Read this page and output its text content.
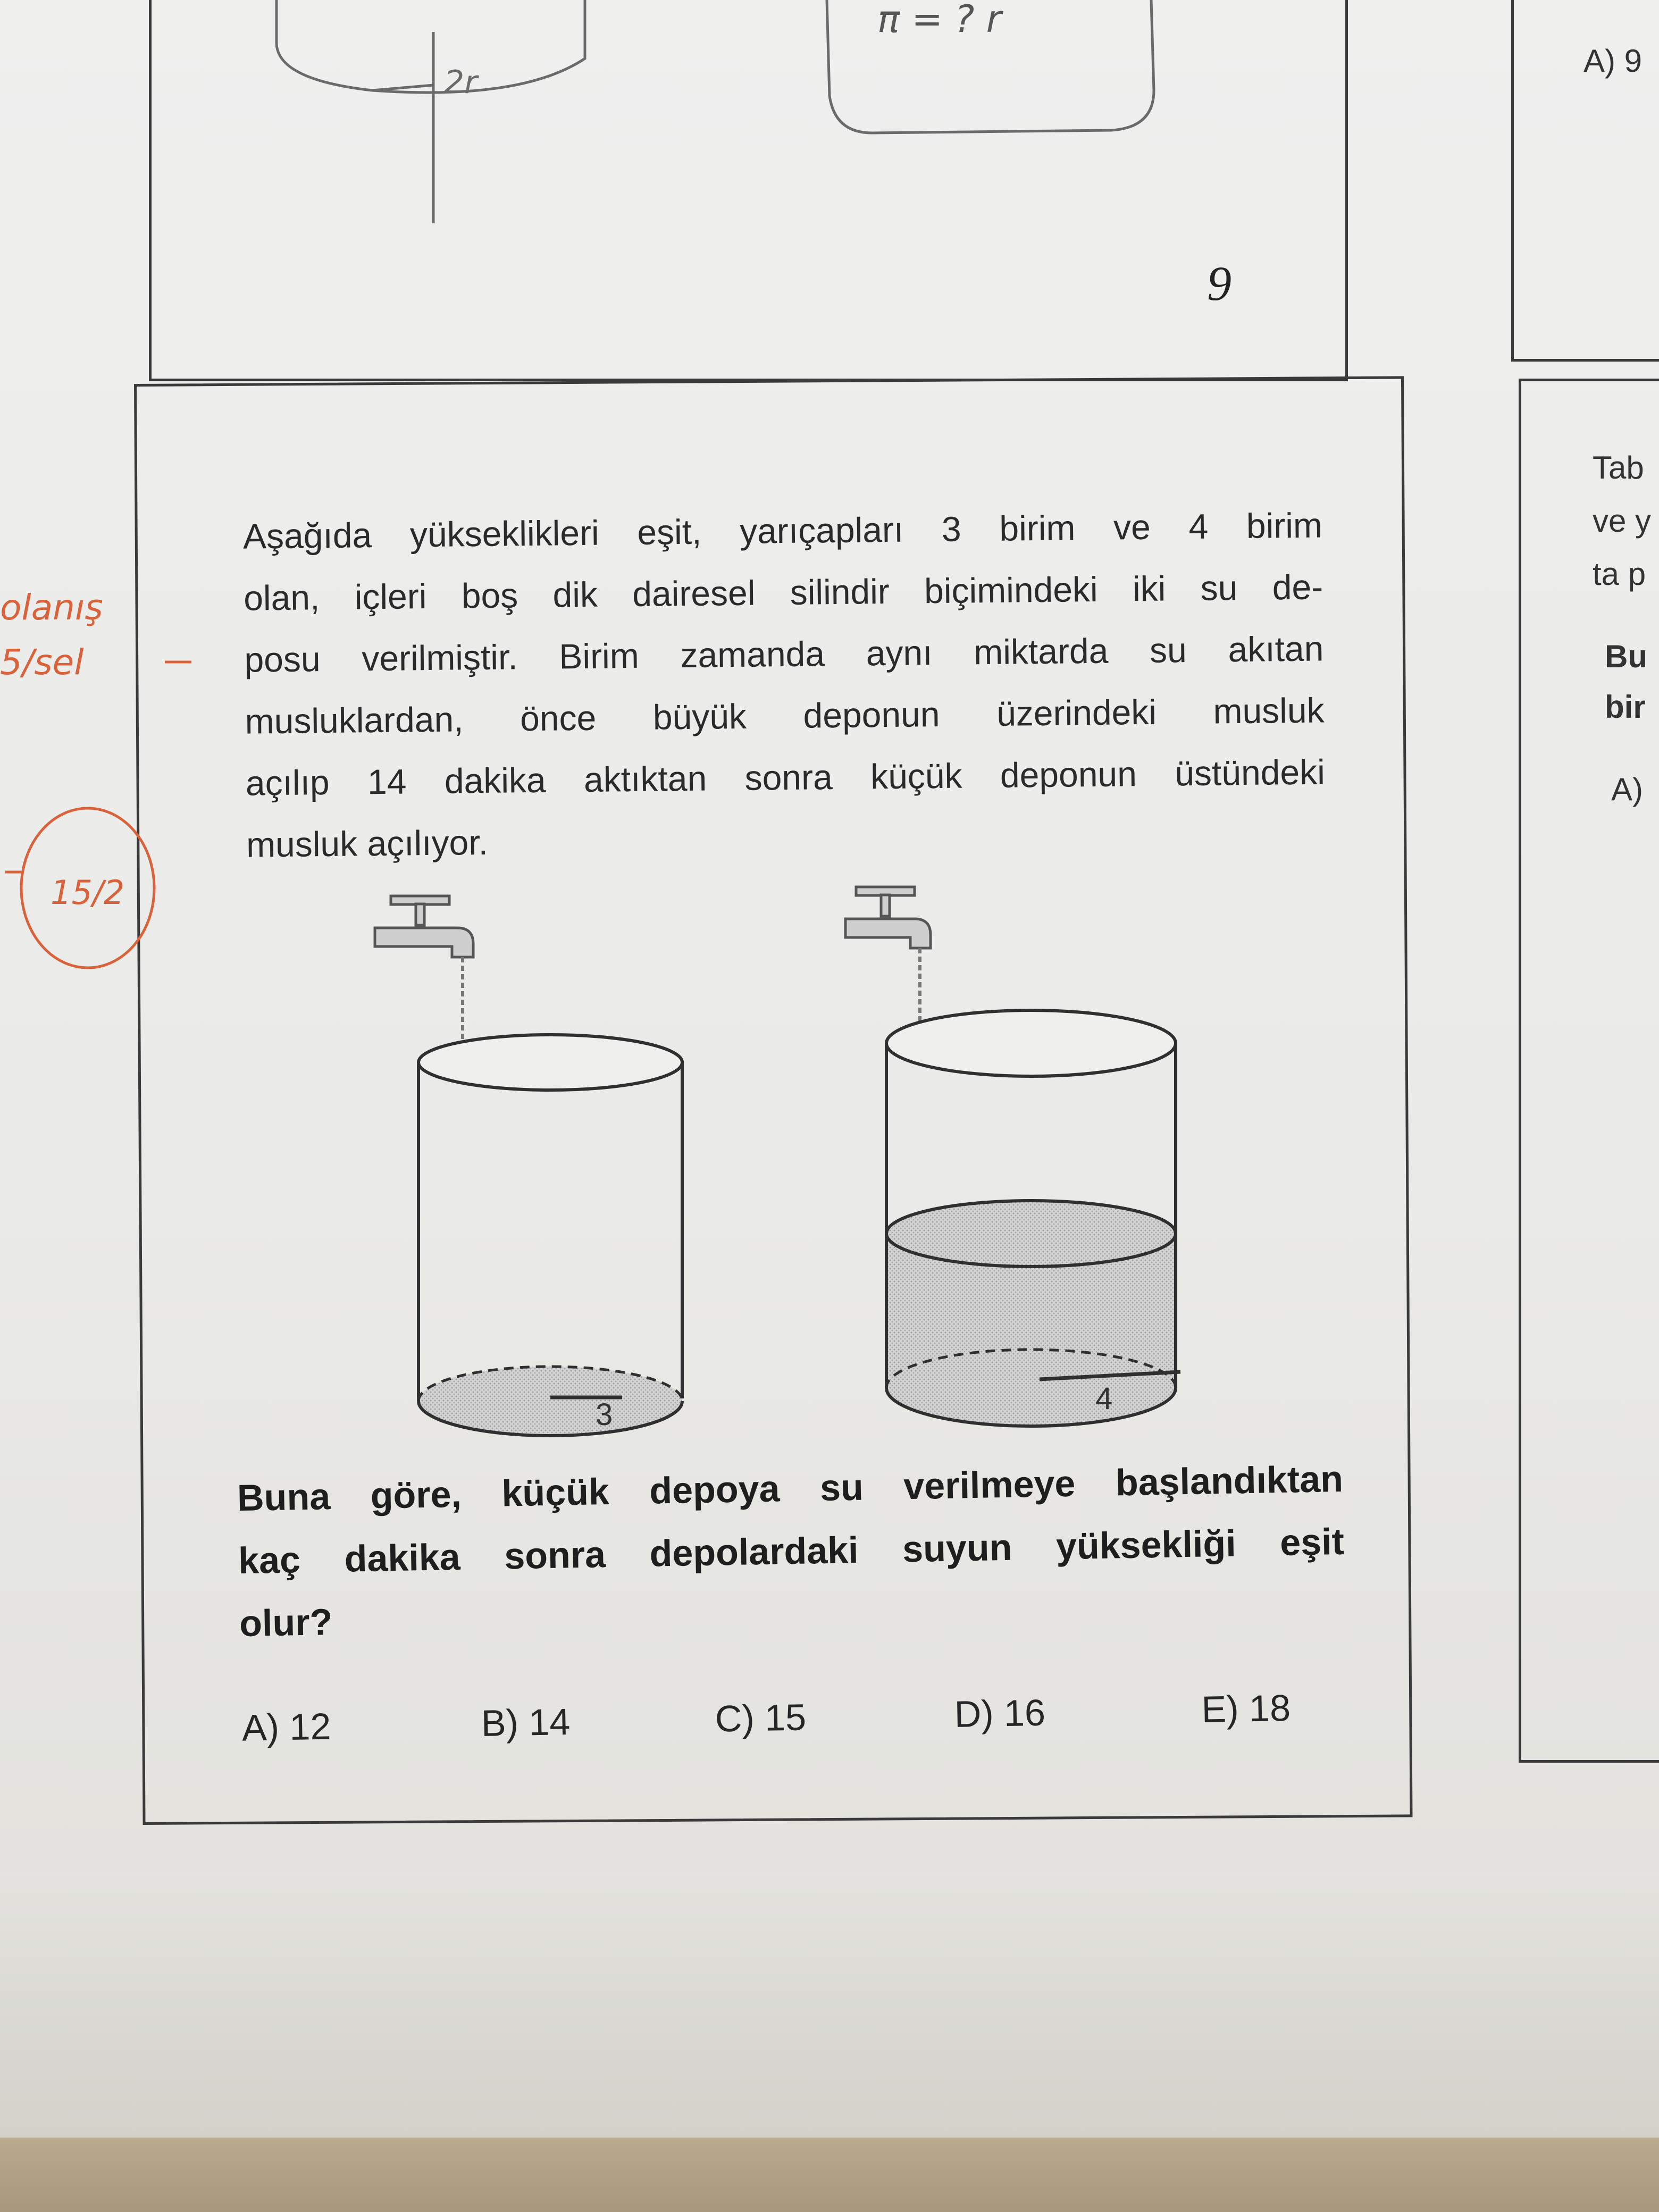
9
Aşağıda yükseklikleri eşit, yarıçapları 3 birim ve 4 birim
olan, içleri boş dik dairesel silindir biçimindeki iki su de-
posu verilmiştir. Birim zamanda aynı miktarda su akıtan
musluklardan, önce büyük deponun üzerindeki musluk
açılıp 14 dakika aktıktan sonra küçük deponun üstündeki
musluk açılıyor.
3	4
Buna göre, küçük depoya su verilmeye başlandıktan
kaç dakika sonra depolardaki suyun yüksekliği eşit
olur?
A) 12	B) 14	C) 15	D) 16	E) 18
A) 9
Tab
ve y
ta p
Bu
bir
A)
2r
π = ? r
olanış
5/sel
15/2
